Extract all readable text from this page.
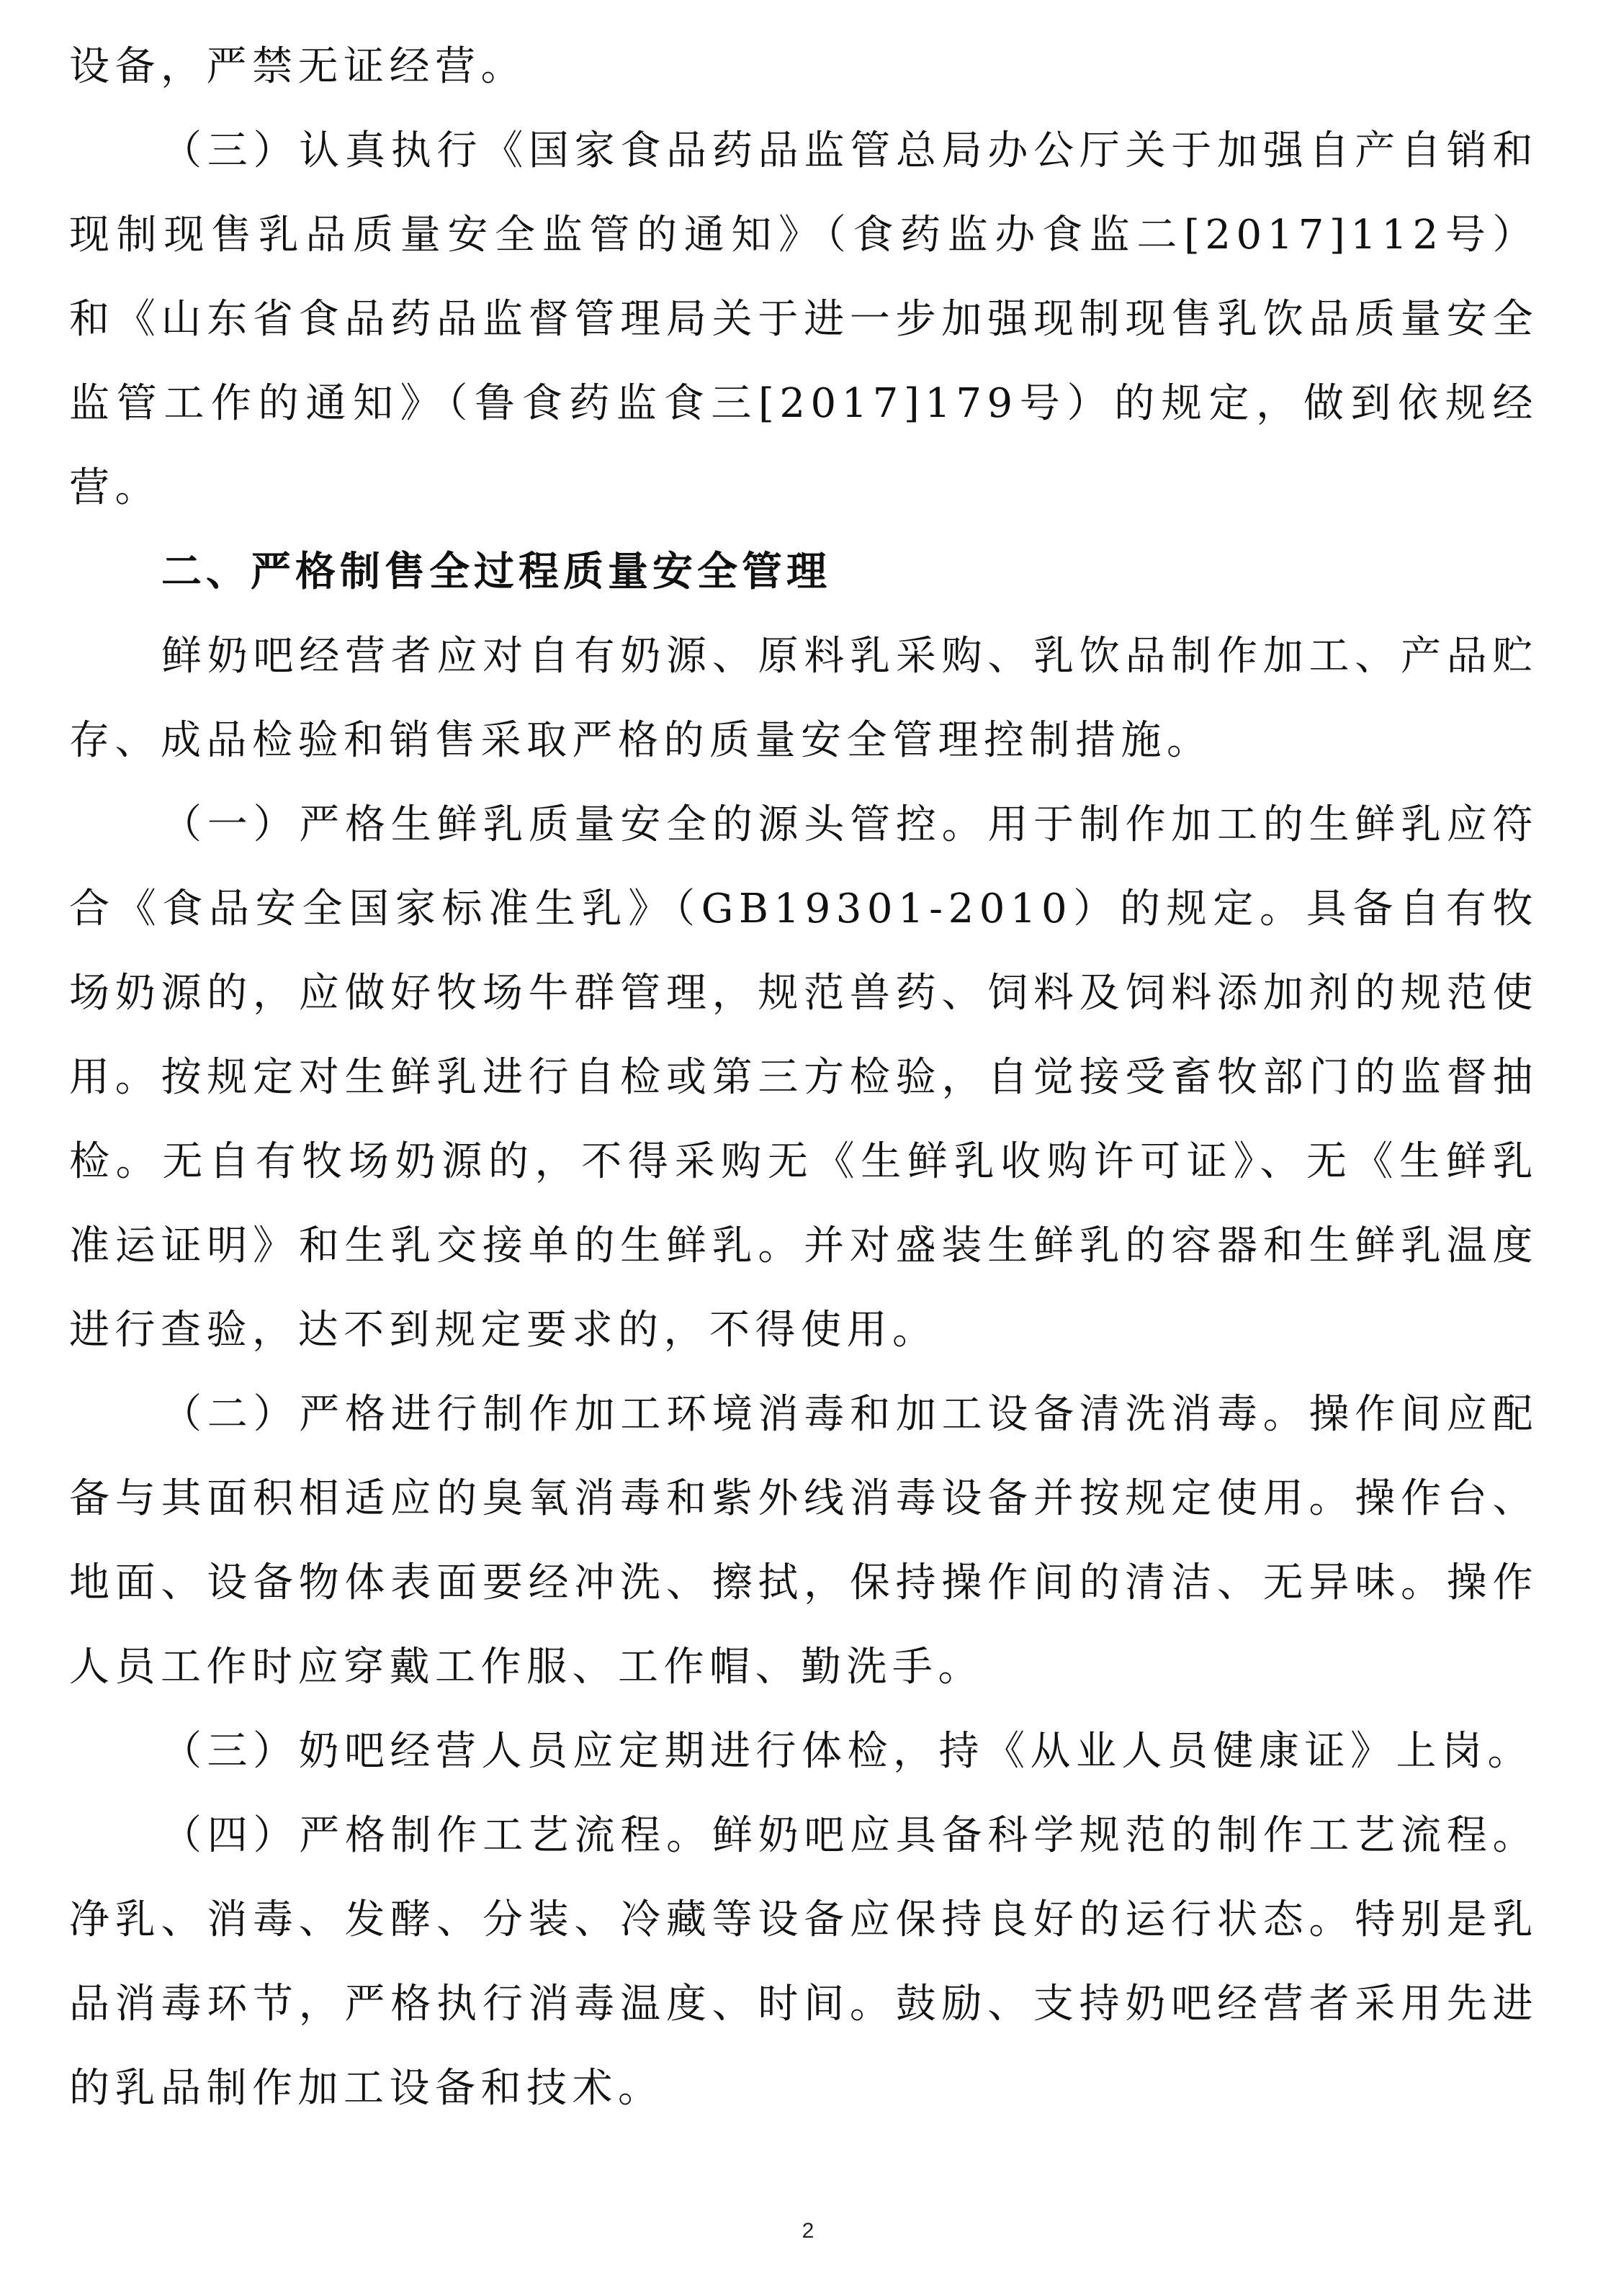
设备，严禁无证经营。

（三）认真执行《国家食品药品监管总局办公厅关于加强自产自销和现制现售乳品质量安全监管的通知》（食药监办食监二[2017]112号）和《山东省食品药品监督管理局关于进一步加强现制现售乳饮品质量安全监管工作的通知》（鲁食药监食三[2017]179号）的规定，做到依规经营。

二、严格制售全过程质量安全管理

鲜奶吧经营者应对自有奶源、原料乳采购、乳饮品制作加工、产品贮存、成品检验和销售采取严格的质量安全管理控制措施。

（一）严格生鲜乳质量安全的源头管控。用于制作加工的生鲜乳应符合《食品安全国家标准生乳》（GB19301-2010）的规定。具备自有牧场奶源的，应做好牧场牛群管理，规范兽药、饲料及饲料添加剂的规范使用。按规定对生鲜乳进行自检或第三方检验，自觉接受畜牧部门的监督抽检。无自有牧场奶源的，不得采购无《生鲜乳收购许可证》、无《生鲜乳准运证明》和生乳交接单的生鲜乳。并对盛装生鲜乳的容器和生鲜乳温度进行查验，达不到规定要求的，不得使用。

（二）严格进行制作加工环境消毒和加工设备清洗消毒。操作间应配备与其面积相适应的臭氧消毒和紫外线消毒设备并按规定使用。操作台、地面、设备物体表面要经冲洗、擦拭，保持操作间的清洁、无异味。操作人员工作时应穿戴工作服、工作帽、勤洗手。

（三）奶吧经营人员应定期进行体检，持《从业人员健康证》上岗。

（四）严格制作工艺流程。鲜奶吧应具备科学规范的制作工艺流程。净乳、消毒、发酵、分装、冷藏等设备应保持良好的运行状态。特别是乳品消毒环节，严格执行消毒温度、时间。鼓励、支持奶吧经营者采用先进的乳品制作加工设备和技术。

2
